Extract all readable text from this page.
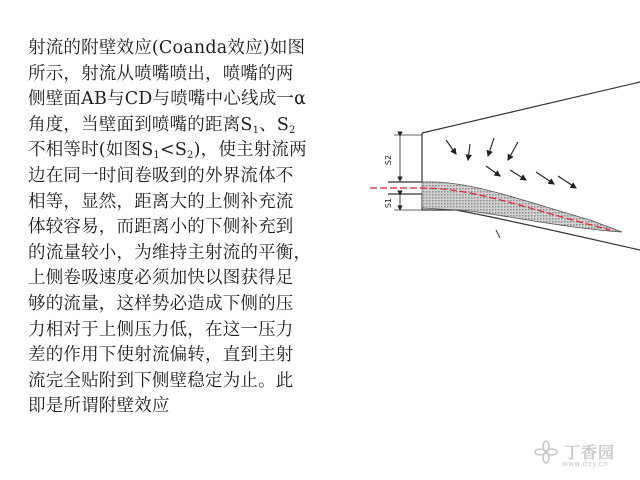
射流的附壁效应(Coanda效应)如图

所示，射流从喷嘴喷出，喷嘴的两

侧壁面AB与CD与喷嘴中心线成一α

角度，当壁面到喷嘴的距离$S_1$、$S_2$

不相等时(如图$S_1<S_2$)，使主射流两

边在同一时间卷吸到的外界流体不

相等，显然，距离大的上侧补充流

体较容易，而距离小的下侧补充到

的流量较小，为维持主射流的平衡，

上侧卷吸速度必须加快以图获得足

够的流量，这样势必造成下侧的压

力相对于上侧压力低，在这一压力

差的作用下使射流偏转，直到主射

流完全贴附到下侧壁稳定为止。此

即是所谓附壁效应

S2
S1
丁香园
www.dxy.cn
